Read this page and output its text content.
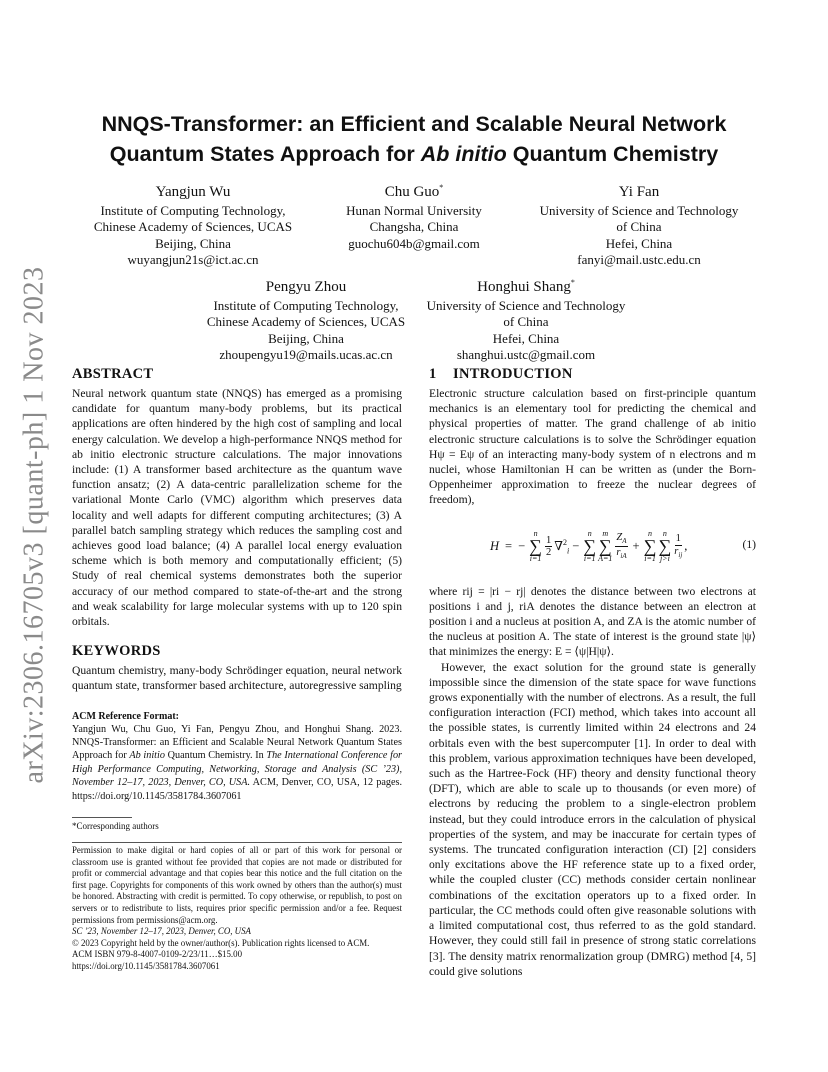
arXiv:2306.16705v3 [quant-ph] 1 Nov 2023
NNQS-Transformer: an Efficient and Scalable Neural Network
Quantum States Approach for Ab initio Quantum Chemistry
Yangjun Wu
Institute of Computing Technology,
Chinese Academy of Sciences, UCAS
Beijing, China
wuyangjun21s@ict.ac.cn
Chu Guo*
Hunan Normal University
Changsha, China
guochu604b@gmail.com
Yi Fan
University of Science and Technology
of China
Hefei, China
fanyi@mail.ustc.edu.cn
Pengyu Zhou
Institute of Computing Technology,
Chinese Academy of Sciences, UCAS
Beijing, China
zhoupengyu19@mails.ucas.ac.cn
Honghui Shang*
University of Science and Technology
of China
Hefei, China
shanghui.ustc@gmail.com
ABSTRACT

Neural network quantum state (NNQS) has emerged as a promising candidate for quantum many-body problems, but its practical applications are often hindered by the high cost of sampling and local energy calculation. We develop a high-performance NNQS method for ab initio electronic structure calculations. The major innovations include: (1) A transformer based architecture as the quantum wave function ansatz; (2) A data-centric parallelization scheme for the variational Monte Carlo (VMC) algorithm which preserves data locality and well adapts for different computing architectures; (3) A parallel batch sampling strategy which reduces the sampling cost and achieves good load balance; (4) A parallel local energy evaluation scheme which is both memory and computationally efficient; (5) Study of real chemical systems demonstrates both the superior accuracy of our method compared to state-of-the-art and the strong and weak scalability for large molecular systems with up to 120 spin orbitals.

KEYWORDS

Quantum chemistry, many-body Schrödinger equation, neural network quantum state, transformer based architecture, autoregressive sampling

ACM Reference Format:

Yangjun Wu, Chu Guo, Yi Fan, Pengyu Zhou, and Honghui Shang. 2023. NNQS-Transformer: an Efficient and Scalable Neural Network Quantum States Approach for Ab initio Quantum Chemistry. In The International Conference for High Performance Computing, Networking, Storage and Analysis (SC ’23), November 12–17, 2023, Denver, CO, USA. ACM, Denver, CO, USA, 12 pages. https://doi.org/10.1145/3581784.3607061

*Corresponding authors

Permission to make digital or hard copies of all or part of this work for personal or classroom use is granted without fee provided that copies are not made or distributed for profit or commercial advantage and that copies bear this notice and the full citation on the first page. Copyrights for components of this work owned by others than the author(s) must be honored. Abstracting with credit is permitted. To copy otherwise, or republish, to post on servers or to redistribute to lists, requires prior specific permission and/or a fee. Request permissions from permissions@acm.org.

SC ’23, November 12–17, 2023, Denver, CO, USA
© 2023 Copyright held by the owner/author(s). Publication rights licensed to ACM.
ACM ISBN 979-8-4007-0109-2/23/11…$15.00
https://doi.org/10.1145/3581784.3607061
1 INTRODUCTION

Electronic structure calculation based on first-principle quantum mechanics is an elementary tool for predicting the chemical and physical properties of matter. The grand challenge of ab initio electronic structure calculations is to solve the Schrödinger equation Hψ = Eψ of an interacting many-body system of n electrons and m nuclei, whose Hamiltonian H can be written as (under the Born-Oppenheimer approximation to freeze the nuclear degrees of freedom),

H = −
n
∑
$i=1 \frac{1}{2} \nabla^2_i$ −
n
∑
i=1
m
∑
$A=1 \frac{Z_A}{r_{iA}}$ +
n
∑
i=1
n
∑
$j>i \frac{1}{r_{ij}}$ ,	(1)

where rij = |ri − rj| denotes the distance between two electrons at positions i and j, riA denotes the distance between an electron at position i and a nucleus at position A, and ZA is the atomic number of the nucleus at position A. The state of interest is the ground state |ψ⟩ that minimizes the energy: E = ⟨ψ|H|ψ⟩.

However, the exact solution for the ground state is generally impossible since the dimension of the state space for wave functions grows exponentially with the number of electrons. As a result, the full configuration interaction (FCI) method, which takes into account all the possible states, is currently limited within 24 electrons and 24 orbitals even with the best supercomputer [1]. In order to deal with this problem, various approximation techniques have been developed, such as the Hartree-Fock (HF) theory and density functional theory (DFT), which are able to scale up to thousands (or even more) of electrons by reducing the problem to a single-electron problem instead, but they could introduce errors in the calculation of physical properties of the system, and may be inaccurate for certain types of systems. The truncated configuration interaction (CI) [2] considers only excitations above the HF reference state up to a fixed order, while the coupled cluster (CC) methods consider certain nonlinear combinations of the excitation operators up to a fixed order. In particular, the CC methods could often give reasonable solutions with a limited computational cost, thus referred to as the gold standard. However, they could still fail in presence of strong static correlations [3]. The density matrix renormalization group (DMRG) method [4, 5] could give solutions
